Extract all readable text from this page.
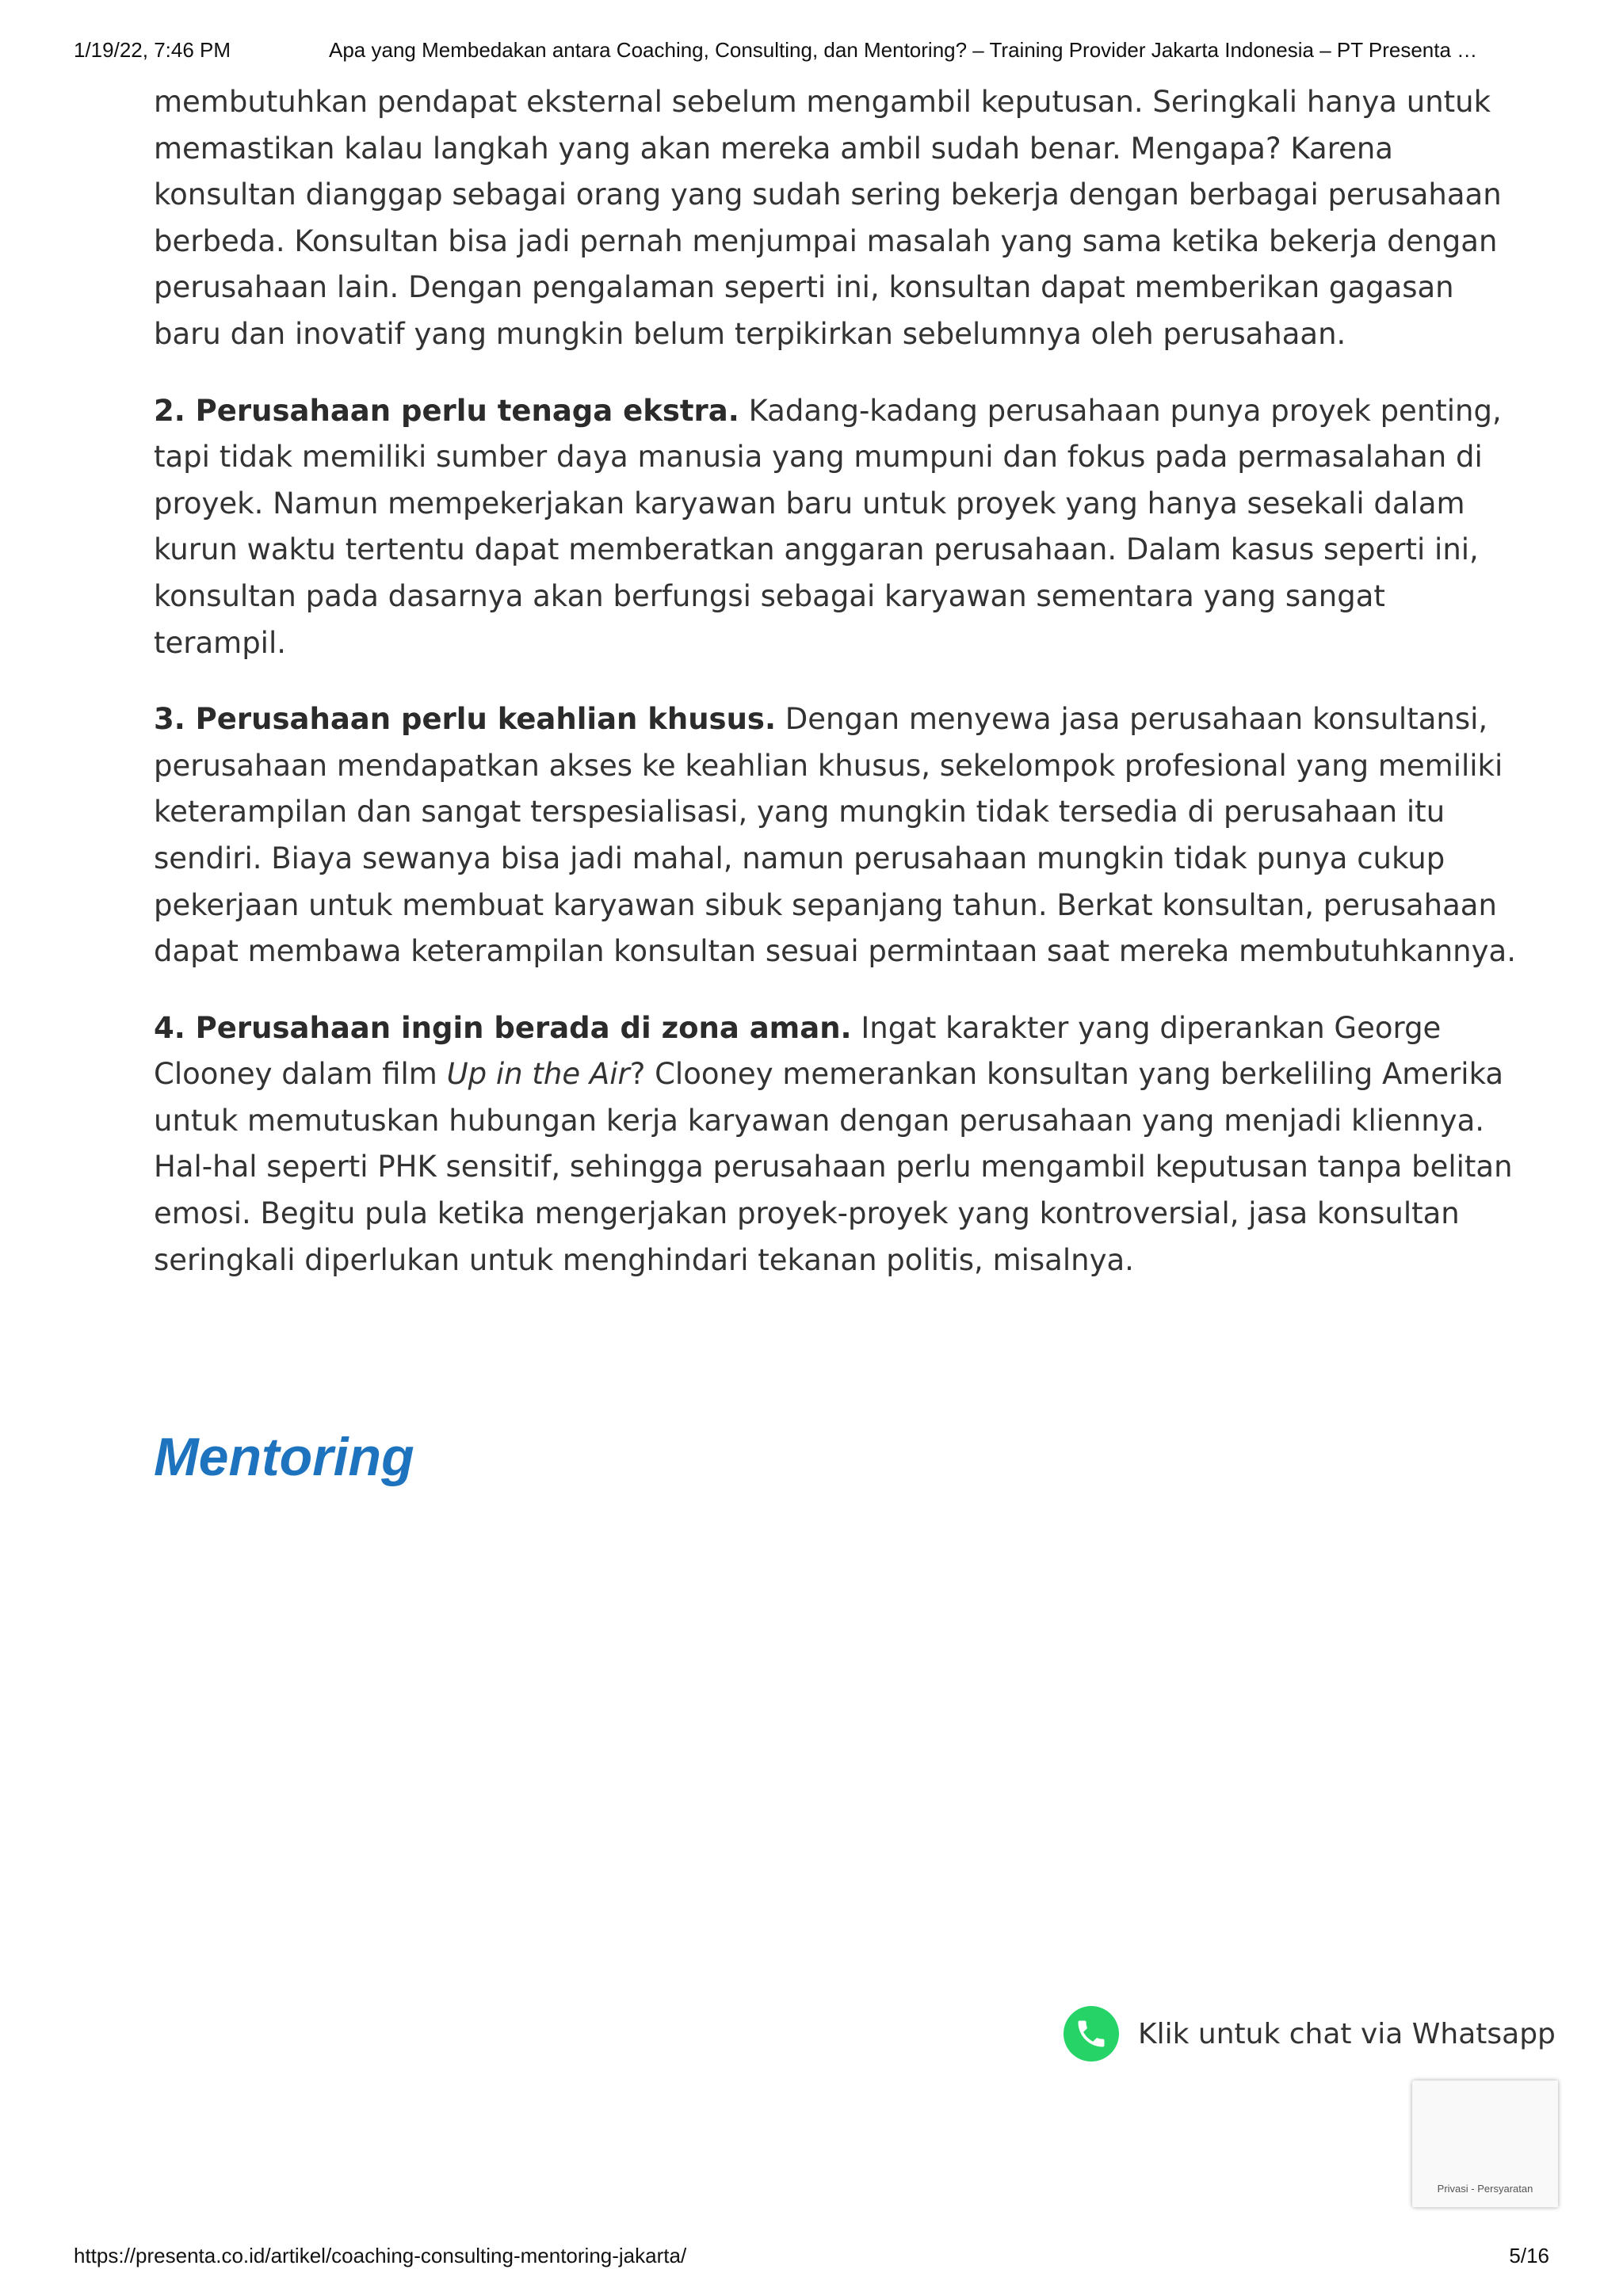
1/19/22, 7:46 PM	Apa yang Membedakan antara Coaching, Consulting, dan Mentoring? – Training Provider Jakarta Indonesia – PT Presenta …

membutuhkan pendapat eksternal sebelum mengambil keputusan. Seringkali hanya untuk memastikan kalau langkah yang akan mereka ambil sudah benar. Mengapa? Karena konsultan dianggap sebagai orang yang sudah sering bekerja dengan berbagai perusahaan berbeda. Konsultan bisa jadi pernah menjumpai masalah yang sama ketika bekerja dengan perusahaan lain. Dengan pengalaman seperti ini, konsultan dapat memberikan gagasan baru dan inovatif yang mungkin belum terpikirkan sebelumnya oleh perusahaan.

2. Perusahaan perlu tenaga ekstra. Kadang-kadang perusahaan punya proyek penting, tapi tidak memiliki sumber daya manusia yang mumpuni dan fokus pada permasalahan di proyek. Namun mempekerjakan karyawan baru untuk proyek yang hanya sesekali dalam kurun waktu tertentu dapat memberatkan anggaran perusahaan. Dalam kasus seperti ini, konsultan pada dasarnya akan berfungsi sebagai karyawan sementara yang sangat terampil.

3. Perusahaan perlu keahlian khusus. Dengan menyewa jasa perusahaan konsultansi, perusahaan mendapatkan akses ke keahlian khusus, sekelompok profesional yang memiliki keterampilan dan sangat terspesialisasi, yang mungkin tidak tersedia di perusahaan itu sendiri. Biaya sewanya bisa jadi mahal, namun perusahaan mungkin tidak punya cukup pekerjaan untuk membuat karyawan sibuk sepanjang tahun. Berkat konsultan, perusahaan dapat membawa keterampilan konsultan sesuai permintaan saat mereka membutuhkannya.

4. Perusahaan ingin berada di zona aman. Ingat karakter yang diperankan George Clooney dalam film Up in the Air? Clooney memerankan konsultan yang berkeliling Amerika untuk memutuskan hubungan kerja karyawan dengan perusahaan yang menjadi kliennya. Hal-hal seperti PHK sensitif, sehingga perusahaan perlu mengambil keputusan tanpa belitan emosi. Begitu pula ketika mengerjakan proyek-proyek yang kontroversial, jasa konsultan seringkali diperlukan untuk menghindari tekanan politis, misalnya.

Mentoring
Klik untuk chat via Whatsapp
Privasi - Persyaratan
https://presenta.co.id/artikel/coaching-consulting-mentoring-jakarta/	5/16
